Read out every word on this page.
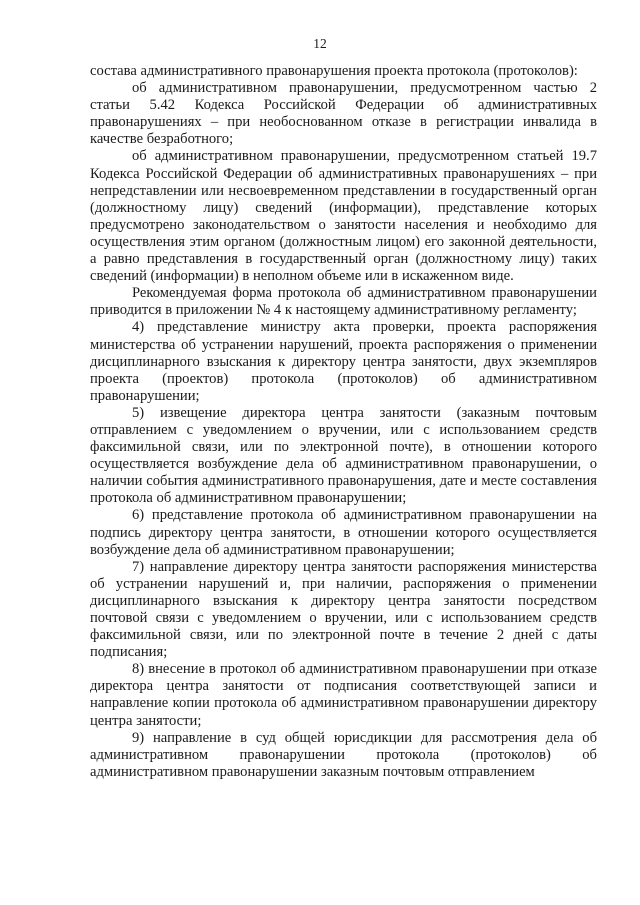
12

состава административного правонарушения проекта протокола (протоколов):

об административном правонарушении, предусмотренном частью 2 статьи 5.42 Кодекса Российской Федерации об административных правонарушениях – при необоснованном отказе в регистрации инвалида в качестве безработного;

об административном правонарушении, предусмотренном статьей 19.7 Кодекса Российской Федерации об административных правонарушениях – при непредставлении или несвоевременном представлении в государственный орган (должностному лицу) сведений (информации), представление которых предусмотрено законодательством о занятости населения и необходимо для осуществления этим органом (должностным лицом) его законной деятельности, а равно представления в государственный орган (должностному лицу) таких сведений (информации) в неполном объеме или в искаженном виде.

Рекомендуемая форма протокола об административном правонарушении приводится в приложении № 4 к настоящему административному регламенту;

4) представление министру акта проверки, проекта распоряжения министерства об устранении нарушений, проекта распоряжения о применении дисциплинарного взыскания к директору центра занятости, двух экземпляров проекта (проектов) протокола (протоколов) об административном правонарушении;

5) извещение директора центра занятости (заказным почтовым отправлением с уведомлением о вручении, или с использованием средств факсимильной связи, или по электронной почте), в отношении которого осуществляется возбуждение дела об административном правонарушении, о наличии события административного правонарушения, дате и месте составления протокола об административном правонарушении;

6) представление протокола об административном правонарушении на подпись директору центра занятости, в отношении которого осуществляется возбуждение дела об административном правонарушении;

7) направление директору центра занятости распоряжения министерства об устранении нарушений и, при наличии, распоряжения о применении дисциплинарного взыскания к директору центра занятости посредством почтовой связи с уведомлением о вручении, или с использованием средств факсимильной связи, или по электронной почте в течение 2 дней с даты подписания;

8) внесение в протокол об административном правонарушении при отказе директора центра занятости от подписания соответствующей записи и направление копии протокола об административном правонарушении директору центра занятости;

9) направление в суд общей юрисдикции для рассмотрения дела об административном правонарушении протокола (протоколов) об административном правонарушении заказным почтовым отправлением
